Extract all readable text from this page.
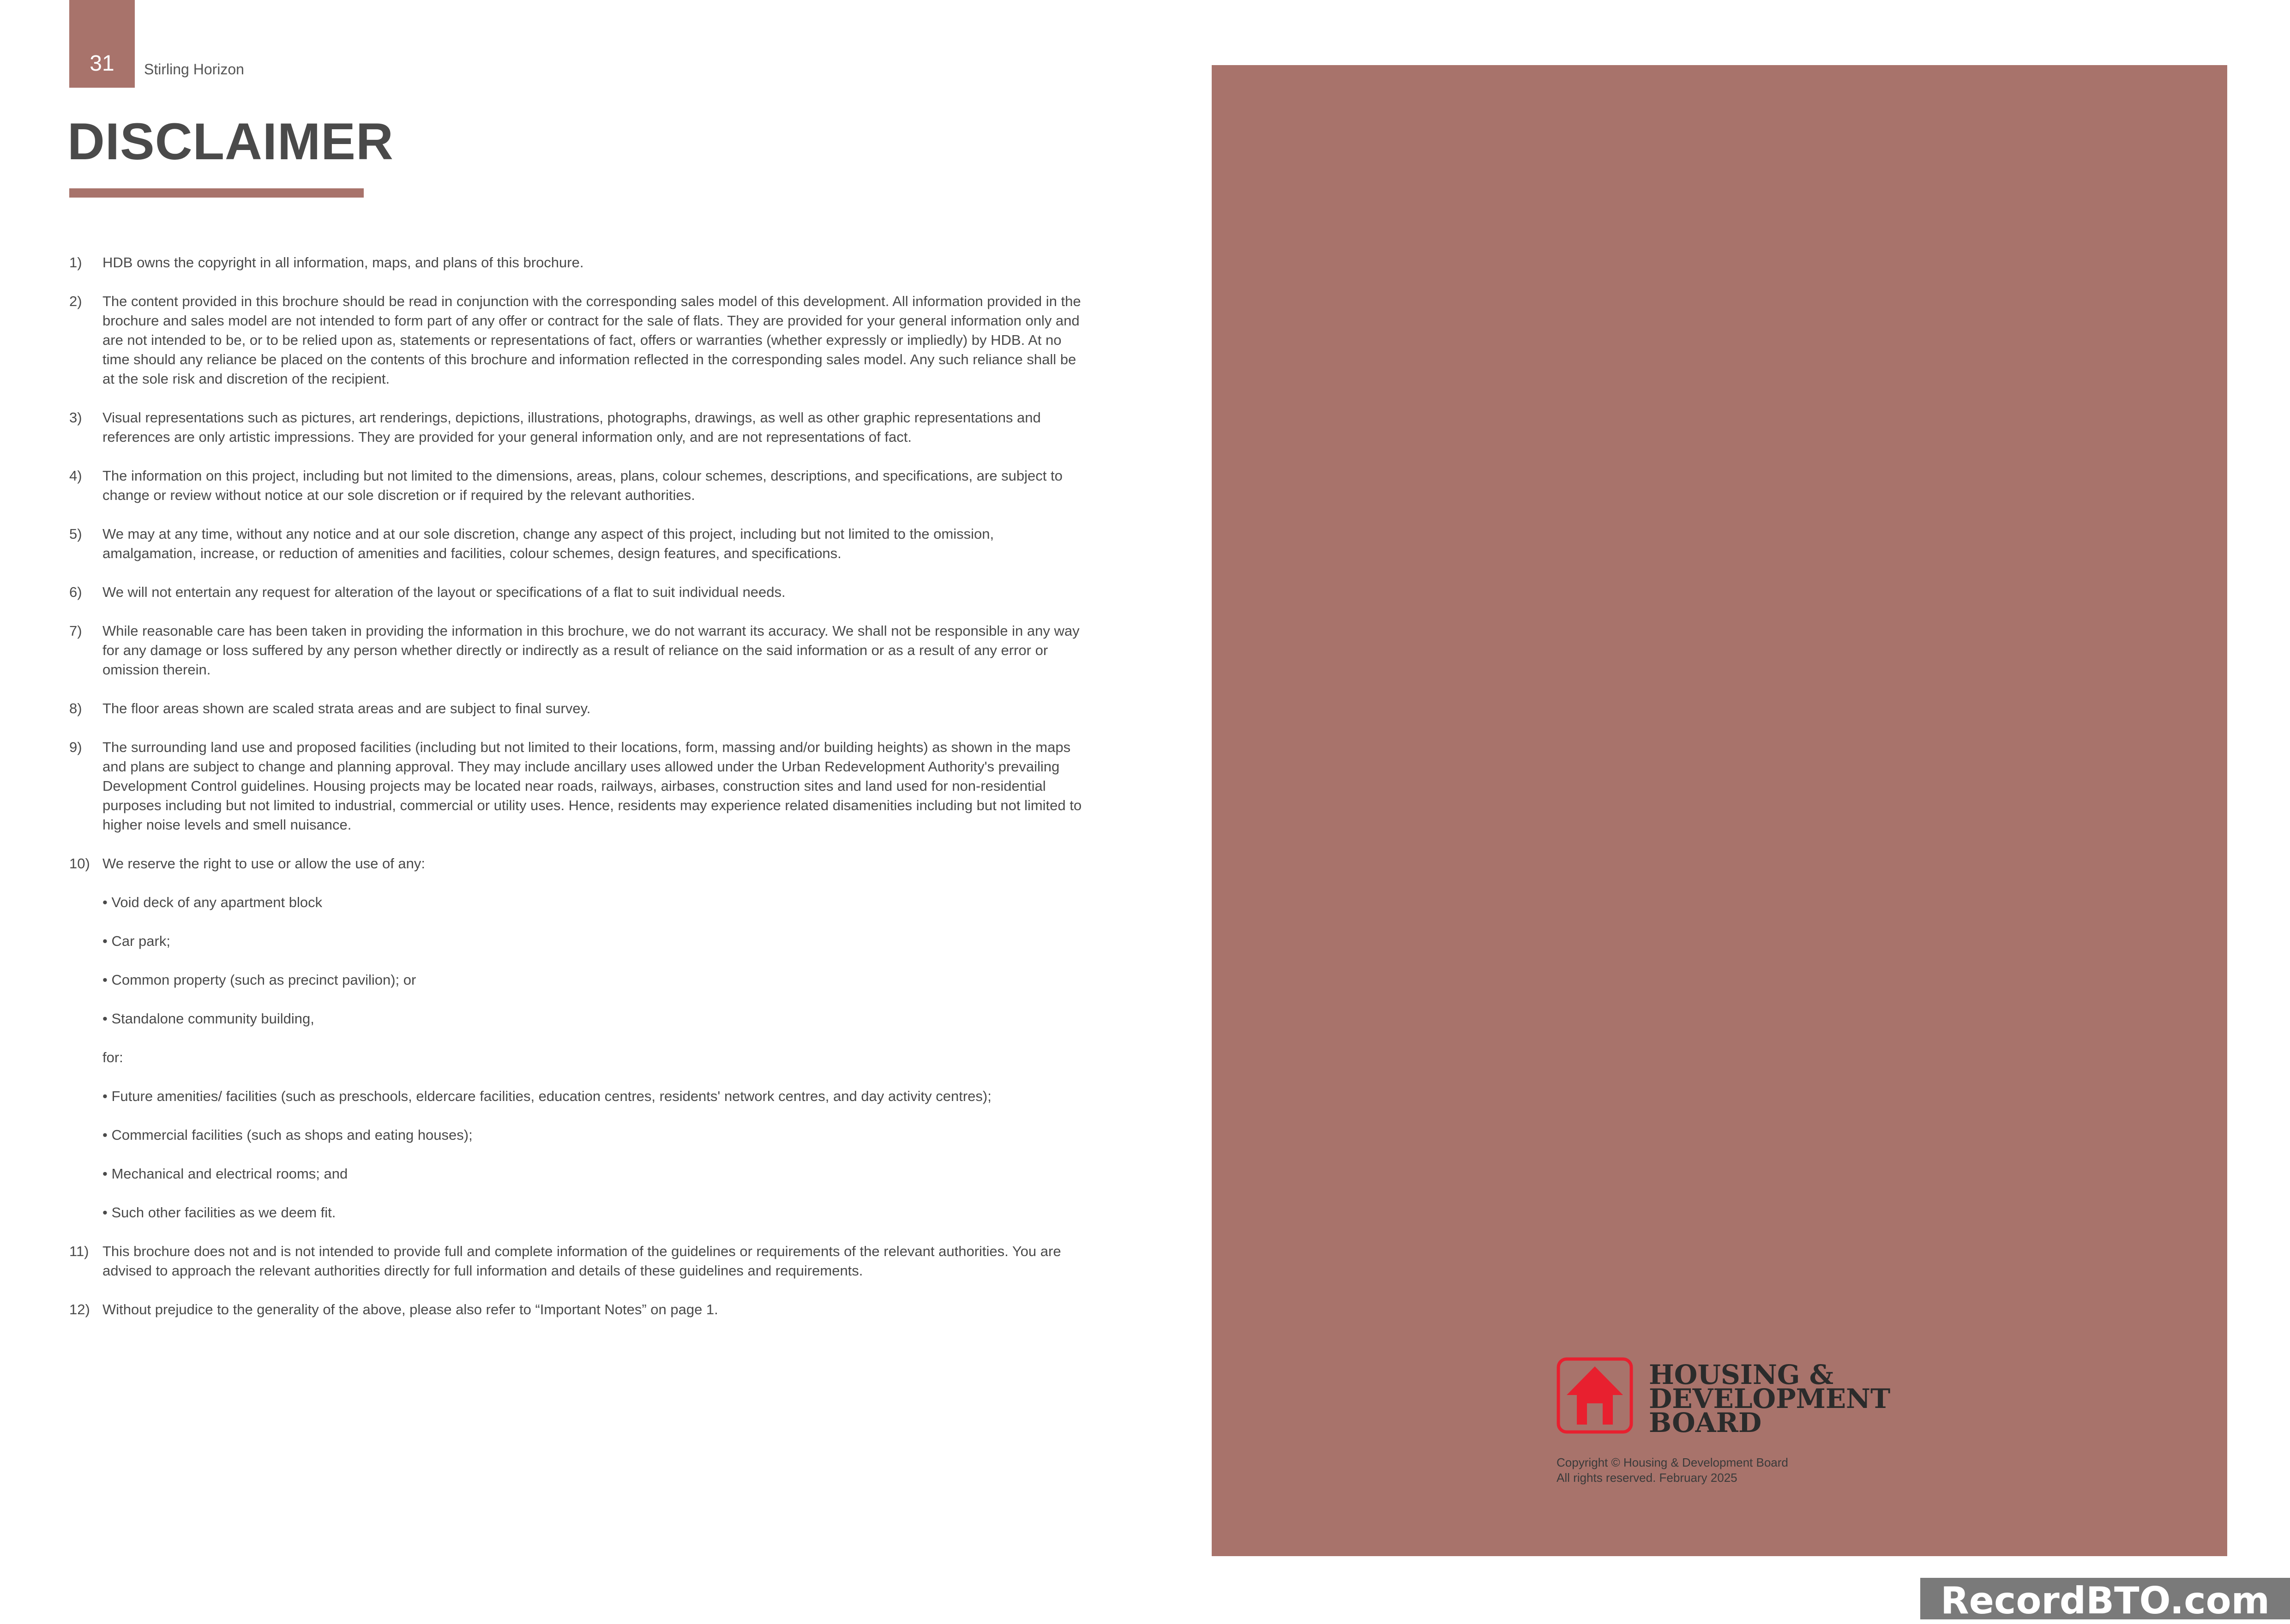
31	Stirling Horizon
DISCLAIMER
1) HDB owns the copyright in all information, maps, and plans of this brochure.

2) The content provided in this brochure should be read in conjunction with the corresponding sales model of this development. All information provided in the brochure and sales model are not intended to form part of any offer or contract for the sale of flats. They are provided for your general information only and are not intended to be, or to be relied upon as, statements or representations of fact, offers or warranties (whether expressly or impliedly) by HDB. At no time should any reliance be placed on the contents of this brochure and information reflected in the corresponding sales model. Any such reliance shall be at the sole risk and discretion of the recipient.

3) Visual representations such as pictures, art renderings, depictions, illustrations, photographs, drawings, as well as other graphic representations and references are only artistic impressions. They are provided for your general information only, and are not representations of fact.

4) The information on this project, including but not limited to the dimensions, areas, plans, colour schemes, descriptions, and specifications, are subject to change or review without notice at our sole discretion or if required by the relevant authorities.

5) We may at any time, without any notice and at our sole discretion, change any aspect of this project, including but not limited to the omission, amalgamation, increase, or reduction of amenities and facilities, colour schemes, design features, and specifications.

6) We will not entertain any request for alteration of the layout or specifications of a flat to suit individual needs.

7) While reasonable care has been taken in providing the information in this brochure, we do not warrant its accuracy. We shall not be responsible in any way for any damage or loss suffered by any person whether directly or indirectly as a result of reliance on the said information or as a result of any error or omission therein.

8) The floor areas shown are scaled strata areas and are subject to final survey.

9) The surrounding land use and proposed facilities (including but not limited to their locations, form, massing and/or building heights) as shown in the maps and plans are subject to change and planning approval. They may include ancillary uses allowed under the Urban Redevelopment Authority's prevailing Development Control guidelines. Housing projects may be located near roads, railways, airbases, construction sites and land used for non-residential purposes including but not limited to industrial, commercial or utility uses. Hence, residents may experience related disamenities including but not limited to higher noise levels and smell nuisance.

10) We reserve the right to use or allow the use of any:

• Void deck of any apartment block

• Car park;

• Common property (such as precinct pavilion); or

• Standalone community building,

for:

• Future amenities/ facilities (such as preschools, eldercare facilities, education centres, residents' network centres, and day activity centres);

• Commercial facilities (such as shops and eating houses);

• Mechanical and electrical rooms; and

• Such other facilities as we deem fit.

11) This brochure does not and is not intended to provide full and complete information of the guidelines or requirements of the relevant authorities. You are advised to approach the relevant authorities directly for full information and details of these guidelines and requirements.

12) Without prejudice to the generality of the above, please also refer to “Important Notes” on page 1.

HOUSING &
DEVELOPMENT
BOARD
Copyright © Housing & Development Board
All rights reserved. February 2025
RecordBTO.com
